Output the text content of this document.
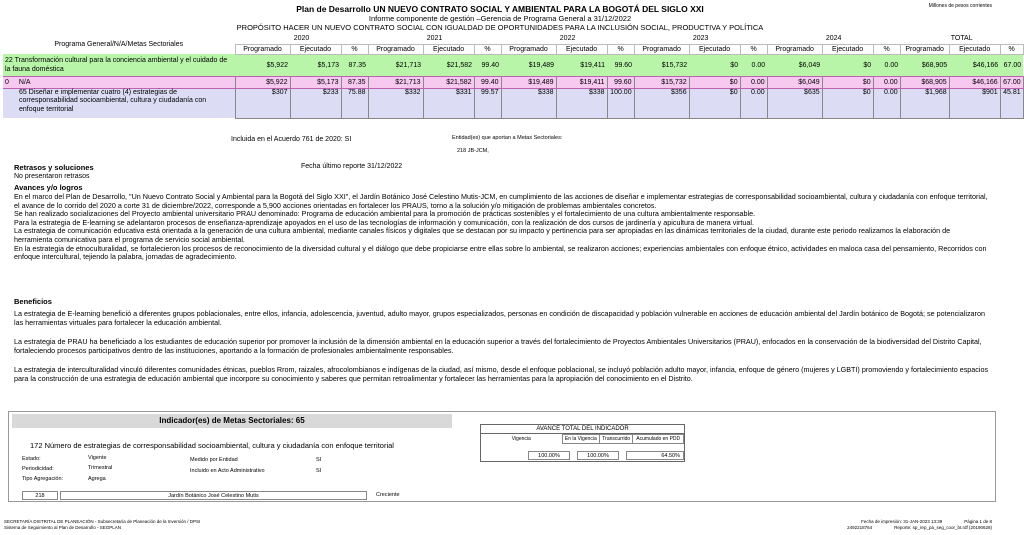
Millones de pesos corrientes
Plan de Desarrollo UN NUEVO CONTRATO SOCIAL Y AMBIENTAL PARA LA BOGOTÁ DEL SIGLO XXI
Informe componente de gestión –Gerencia de Programa General a 31/12/2022
PROPÓSITO HACER UN NUEVO CONTRATO SOCIAL CON IGUALDAD DE OPORTUNIDADES PARA LA INCLUSIÓN SOCIAL, PRODUCTIVA Y POLÍTICA
Programa General/N/A/Metas Sectoriales	2020			2021			2022			2023			2024			TOTAL		
	Programado	Ejecutado	%	Programado	Ejecutado	%	Programado	Ejecutado	%	Programado	Ejecutado	%	Programado	Ejecutado	%	Programado	Ejecutado	%
22 Transformación cultural para la conciencia ambiental y el cuidado de la fauna doméstica	$5,922	$5,173	87.35	$21,713	$21,582	99.40	$19,489	$19,411	99.60	$15,732	$0	0.00	$6,049	$0	0.00	$68,905	$46,166	67.00
0 N/A	$5,922	$5,173	87.35	$21,713	$21,582	99.40	$19,489	$19,411	99.60	$15,732	$0	0.00	$6,049	$0	0.00	$68,905	$46,166	67.00
65 Diseñar e implementar cuatro (4) estrategias de corresponsabilidad socioambiental, cultura y ciudadanía con enfoque territorial	$307	$233	75.88	$332	$331	99.57	$338	$338	100.00	$356	$0	0.00	$635	$0	0.00	$1,968	$901	45.81
Incluida en el Acuerdo 761 de 2020: SI	Entidad(es) que aportan a Metas Sectoriales:
218 JB-JCM,
Retrasos y soluciones	Fecha último reporte 31/12/2022
No presentaron retrasos
Avances y/o logros
En el marco del Plan de Desarrollo, "Un Nuevo Contrato Social y Ambiental para la Bogotá del Siglo XXI", el Jardín Botánico José Celestino Mutis-JCM, en cumplimiento de las acciones de diseñar e implementar estrategias de corresponsabilidad socioambiental, cultura y ciudadanía con enfoque territorial, el avance de lo corrido del 2020 a corte 31 de diciembre/2022, corresponde a 5,900 acciones orientadas en fortalecer los PRAUS, torno a la solución y/o mitigación de problemas ambientales concretos.
Se han realizado socializaciones del Proyecto ambiental universitario PRAU denominado: Programa de educación ambiental para la promoción de prácticas sostenibles y el fortalecimiento de una cultura ambientalmente responsable.
Para la estrategia de E-learning se adelantaron procesos de enseñanza-aprendizaje apoyados en el uso de las tecnologías de información y comunicación, con la realización de dos cursos de jardinería y apicultura de manera virtual.
La estrategia de comunicación educativa está orientada a la generación de una cultura ambiental, mediante canales físicos y digitales que se destacan por su impacto y pertinencia para ser apropiadas en las dinámicas territoriales de la ciudad, durante este periodo realizamos la elaboración de herramienta comunicativa para el programa de servicio social ambiental.
En la estrategia de etnoculturalidad, se fortalecieron los procesos de reconocimiento de la diversidad cultural y el diálogo que debe propiciarse entre ellas sobre lo ambiental, se realizaron acciones; experiencias ambientales con enfoque étnico, actividades en maloca casa del pensamiento, Recorridos con enfoque intercultural, tejiendo la palabra, jornadas de agradecimiento.
Beneficios
La estrategia de E-learning benefició a diferentes grupos poblacionales, entre ellos, infancia, adolescencia, juventud, adulto mayor, grupos especializados, personas en condición de discapacidad y población vulnerable en acciones de educación ambiental del Jardín botánico de Bogotá; se potencializaron las herramientas virtuales para fortalecer la educación ambiental.
La estrategia de PRAU ha beneficiado a los estudiantes de educación superior por promover la inclusión de la dimensión ambiental en la educación superior a través del fortalecimiento de Proyectos Ambientales Universitarios (PRAU), enfocados en la conservación de la biodiversidad del Distrito Capital, fortaleciendo procesos participativos dentro de las instituciones, aportando a la formación de profesionales ambientalmente responsables.
La estrategia de interculturalidad vinculó diferentes comunidades étnicas, pueblos Rrom, raizales, afrocolombianos e indígenas de la ciudad, así mismo, desde el enfoque poblacional, se incluyó población adulto mayor, infancia, enfoque de género (mujeres y LGBTI) promoviendo y fortalecimiento espacios para la construcción de una estrategia de educación ambiental que incorpore su conocimiento y saberes que permitan retroalimentar y fortalecer las herramientas para la apropiación del conocimiento en el Distrito.
Indicador(es) de Metas Sectoriales: 65
172 Número de estrategias de corresponsabilidad socioambiental, cultura y ciudadanía con enfoque territorial
Estado:	Vigente
Periodicidad:	Trimestral
Tipo Agregación:	Agrega
Medido por Entidad	SI
Incluido en Acto Administrativo	SI
218	Jardín Botánico José Celestino Mutis	Creciente
AVANCE TOTAL DEL INDICADOR
Vigencia	En la Vigencia	Transcurrido	Acumulado en PDD
100.00%	100.00%	64.50%
SECRETARÍA DISTRITAL DE PLANEACIÓN - Subsecretaría de Planeación de la Inversión / DPSI
Sistema de Seguimiento al Plan de Desarrollo - SEGPLAN
Fecha de impresión: 31-JAN-2023 13:39	Página 1 de 8
2492218764	Reporte: sp_rep_pa_seg_coor_bt.rdf (20190628)
